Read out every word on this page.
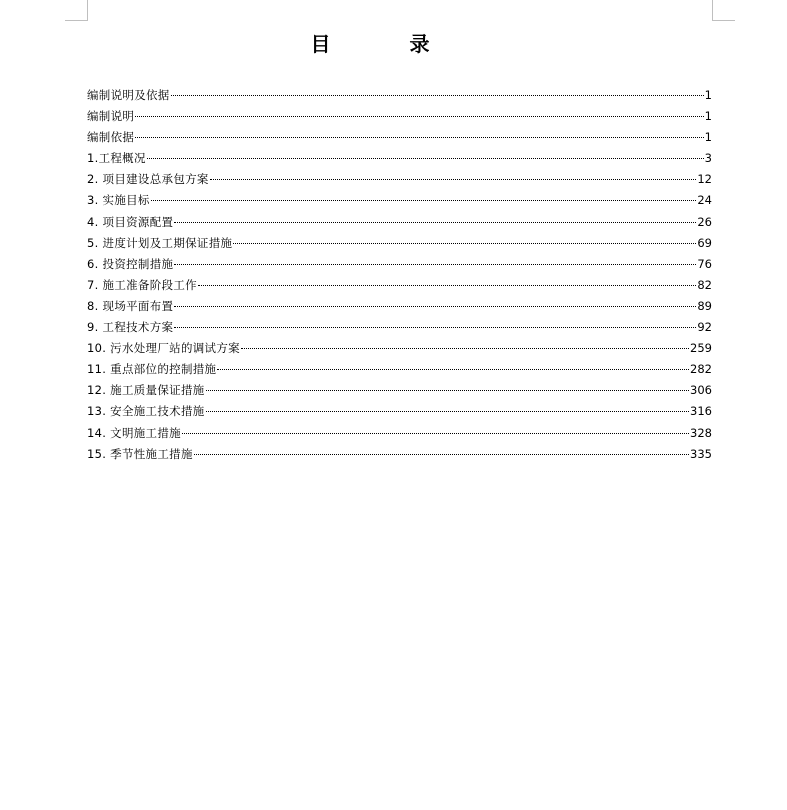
目 录
编制说明及依据	1
编制说明	1
编制依据	1
1.工程概况	3
2. 项目建设总承包方案	12
3. 实施目标	24
4. 项目资源配置	26
5. 进度计划及工期保证措施	69
6. 投资控制措施	76
7. 施工准备阶段工作	82
8. 现场平面布置	89
9. 工程技术方案	92
10. 污水处理厂站的调试方案	259
11. 重点部位的控制措施	282
12. 施工质量保证措施	306
13. 安全施工技术措施	316
14. 文明施工措施	328
15. 季节性施工措施	335
